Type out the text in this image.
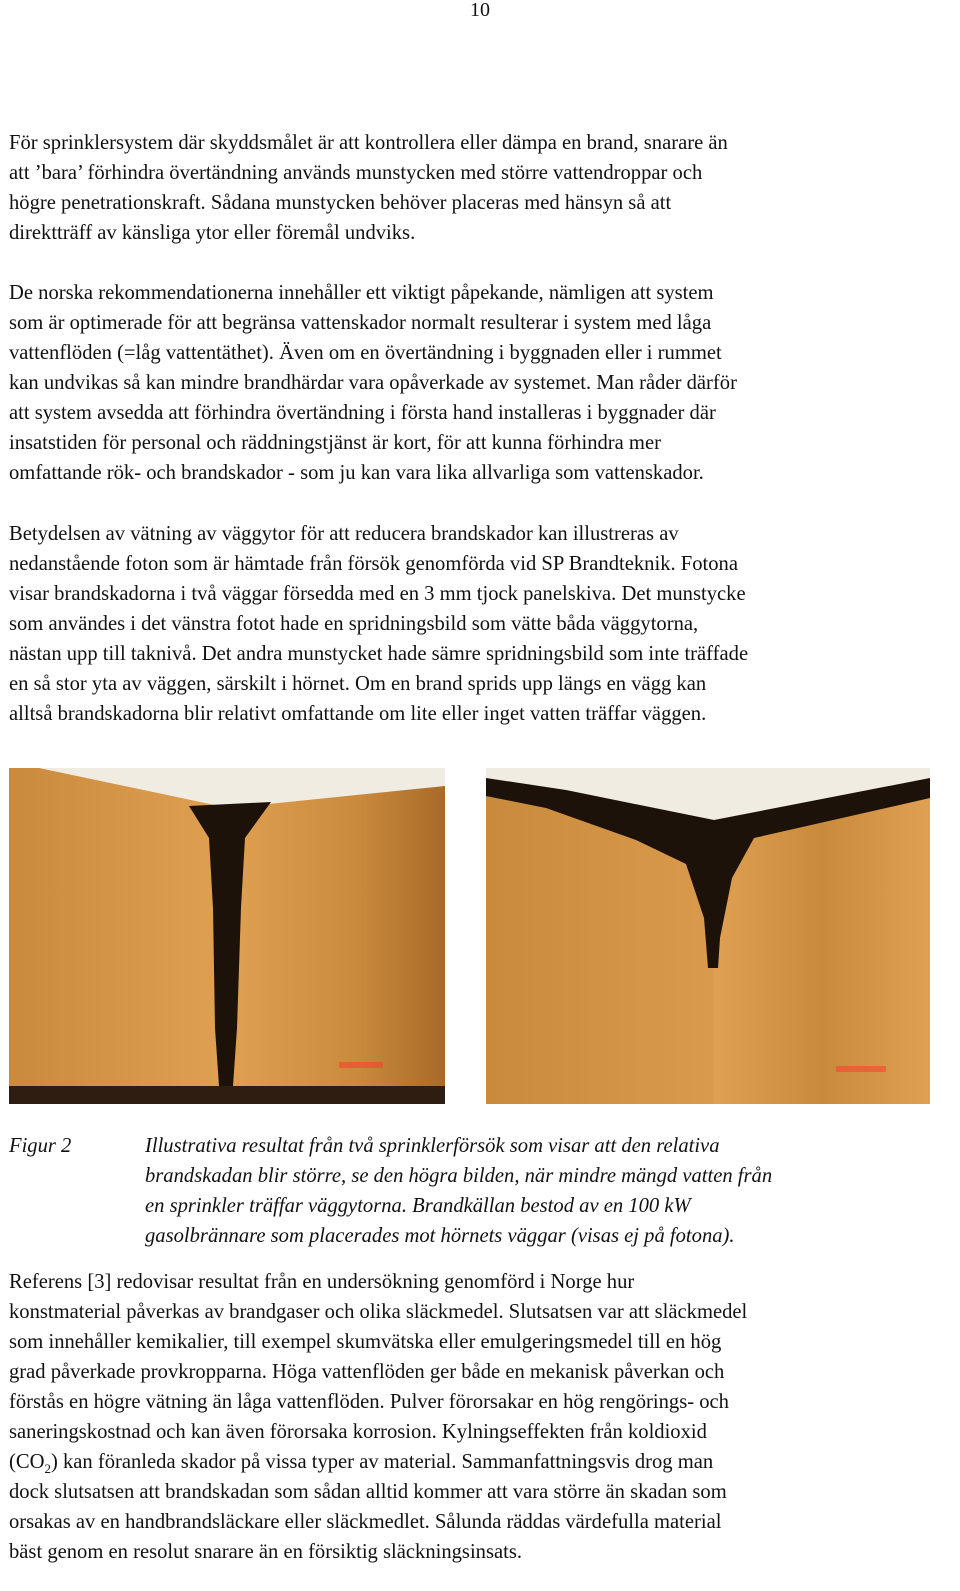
10

För sprinklersystem där skyddsmålet är att kontrollera eller dämpa en brand, snarare än
att ’bara’ förhindra övertändning används munstycken med större vattendroppar och
högre penetrationskraft. Sådana munstycken behöver placeras med hänsyn så att
direktträff av känsliga ytor eller föremål undviks.

De norska rekommendationerna innehåller ett viktigt påpekande, nämligen att system
som är optimerade för att begränsa vattenskador normalt resulterar i system med låga
vattenflöden (=låg vattentäthet). Även om en övertändning i byggnaden eller i rummet
kan undvikas så kan mindre brandhärdar vara opåverkade av systemet. Man råder därför
att system avsedda att förhindra övertändning i första hand installeras i byggnader där
insatstiden för personal och räddningstjänst är kort, för att kunna förhindra mer
omfattande rök- och brandskador - som ju kan vara lika allvarliga som vattenskador.

Betydelsen av vätning av väggytor för att reducera brandskador kan illustreras av
nedanstående foton som är hämtade från försök genomförda vid SP Brandteknik. Fotona
visar brandskadorna i två väggar försedda med en 3 mm tjock panelskiva. Det munstycke
som användes i det vänstra fotot hade en spridningsbild som vätte båda väggytorna,
nästan upp till taknivå. Det andra munstycket hade sämre spridningsbild som inte träffade
en så stor yta av väggen, särskilt i hörnet. Om en brand sprids upp längs en vägg kan
alltså brandskadorna blir relativt omfattande om lite eller inget vatten träffar väggen.

Figur 2	Illustrativa resultat från två sprinklerförsök som visar att den relativa
brandskadan blir större, se den högra bilden, när mindre mängd vatten från
en sprinkler träffar väggytorna. Brandkällan bestod av en 100 kW
gasolbrännare som placerades mot hörnets väggar (visas ej på fotona).

Referens [3] redovisar resultat från en undersökning genomförd i Norge hur
konstmaterial påverkas av brandgaser och olika släckmedel. Slutsatsen var att släckmedel
som innehåller kemikalier, till exempel skumvätska eller emulgeringsmedel till en hög
grad påverkade provkropparna. Höga vattenflöden ger både en mekanisk påverkan och
förstås en högre vätning än låga vattenflöden. Pulver förorsakar en hög rengörings- och
saneringskostnad och kan även förorsaka korrosion. Kylningseffekten från koldioxid
$(CO_2)$ kan föranleda skador på vissa typer av material. Sammanfattningsvis drog man
dock slutsatsen att brandskadan som sådan alltid kommer att vara större än skadan som
orsakas av en handbrandsläckare eller släckmedlet. Sålunda räddas värdefulla material
bäst genom en resolut snarare än en försiktig släckningsinsats.
